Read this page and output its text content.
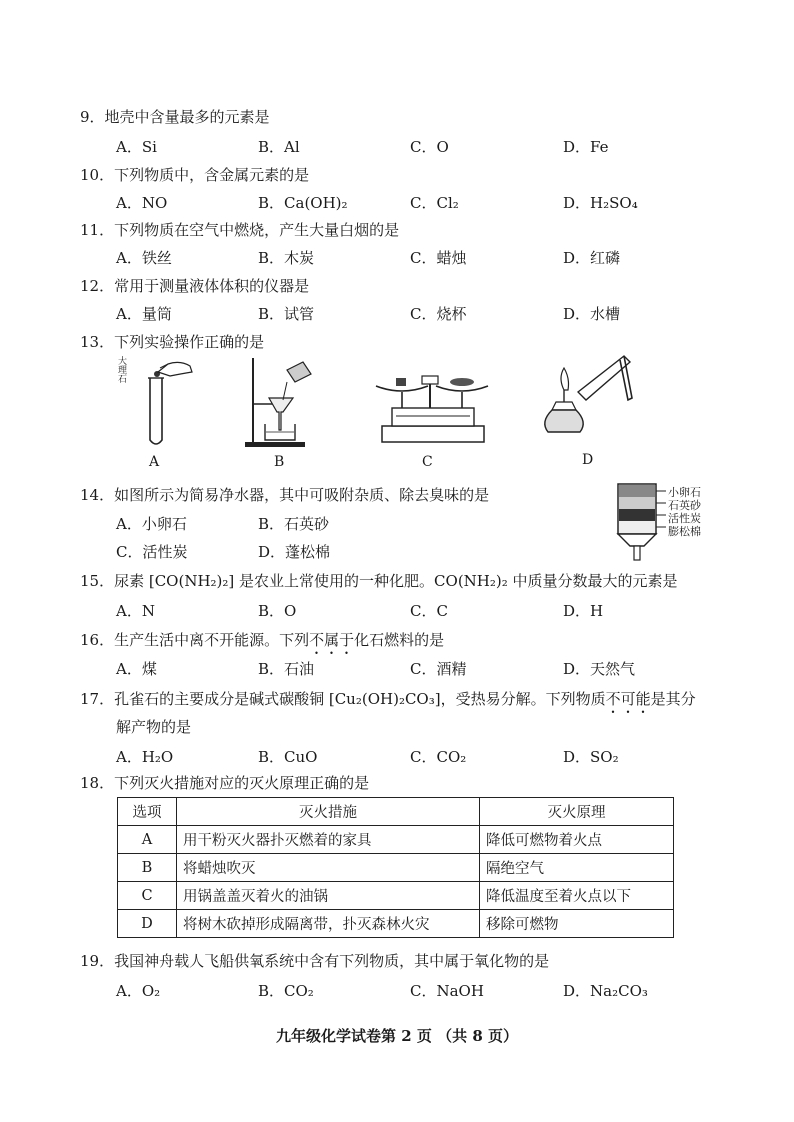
9．地壳中含量最多的元素是
A．Si	B．Al	C．O	D．Fe
10．下列物质中，含金属元素的是
A．NO	B．Ca(OH)₂	C．Cl₂	D．H₂SO₄
11．下列物质在空气中燃烧，产生大量白烟的是
A．铁丝	B．木炭	C．蜡烛	D．红磷
12．常用于测量液体体积的仪器是
A．量筒	B．试管	C．烧杯	D．水槽
13．下列实验操作正确的是
大理石
A	B	C	D
14．如图所示为简易净水器，其中可吸附杂质、除去臭味的是
A．小卵石	B．石英砂
C．活性炭	D．蓬松棉
小卵石
石英砂
活性炭
膨松棉
15．尿素 [CO(NH₂)₂] 是农业上常使用的一种化肥。CO(NH₂)₂ 中质量分数最大的元素是
A．N	B．O	C．C	D．H
16．生产生活中离不开能源。下列不属于化石燃料的是
A．煤	B．石油	C．酒精	D．天然气
17．孔雀石的主要成分是碱式碳酸铜 [Cu₂(OH)₂CO₃]，受热易分解。下列物质不可能是其分
解产物的是
A．H₂O	B．CuO	C．CO₂	D．SO₂
18．下列灭火措施对应的灭火原理正确的是
选项	灭火措施	灭火原理
A	用干粉灭火器扑灭燃着的家具	降低可燃物着火点
B	将蜡烛吹灭	隔绝空气
C	用锅盖盖灭着火的油锅	降低温度至着火点以下
D	将树木砍掉形成隔离带，扑灭森林火灾	移除可燃物
19．我国神舟载人飞船供氧系统中含有下列物质，其中属于氧化物的是
A．O₂	B．CO₂	C．NaOH	D．Na₂CO₃
九年级化学试卷第 2 页 （共 8 页）
